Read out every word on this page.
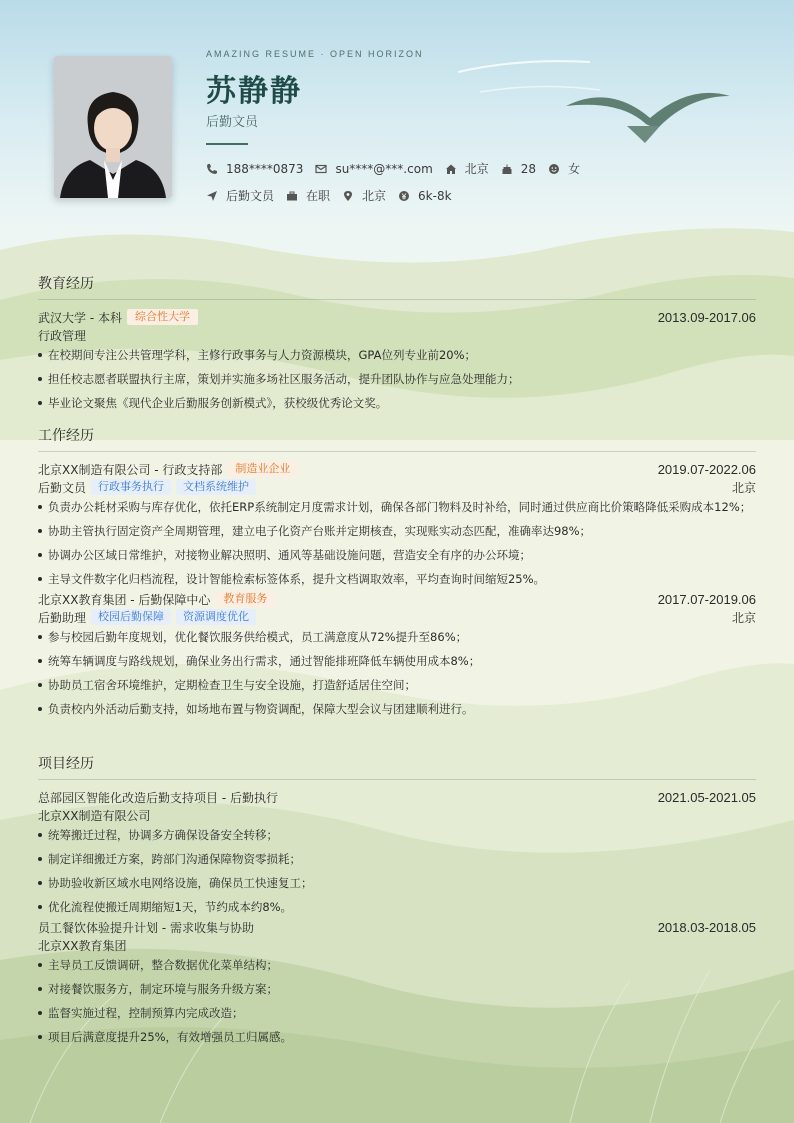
AMAZING RESUME · OPEN HORIZON
苏静静
后勤文员
188****0873	su****@***.com	北京	28	女
后勤文员	在职	北京	6k-8k
教育经历
武汉大学 - 本科	综合性大学	2013.09-2017.06
行政管理
在校期间专注公共管理学科，主修行政事务与人力资源模块，GPA位列专业前20%；
担任校志愿者联盟执行主席，策划并实施多场社区服务活动，提升团队协作与应急处理能力；
毕业论文聚焦《现代企业后勤服务创新模式》，获校级优秀论文奖。
工作经历
北京XX制造有限公司 - 行政支持部	制造业企业	2019.07-2022.06
后勤文员	行政事务执行	文档系统维护	北京
负责办公耗材采购与库存优化，依托ERP系统制定月度需求计划，确保各部门物料及时补给，同时通过供应商比价策略降低采购成本12%；
协助主管执行固定资产全周期管理，建立电子化资产台账并定期核查，实现账实动态匹配，准确率达98%；
协调办公区域日常维护，对接物业解决照明、通风等基础设施问题，营造安全有序的办公环境；
主导文件数字化归档流程，设计智能检索标签体系，提升文档调取效率，平均查询时间缩短25%。
北京XX教育集团 - 后勤保障中心	教育服务	2017.07-2019.06
后勤助理	校园后勤保障	资源调度优化	北京
参与校园后勤年度规划，优化餐饮服务供给模式，员工满意度从72%提升至86%；
统筹车辆调度与路线规划，确保业务出行需求，通过智能排班降低车辆使用成本8%；
协助员工宿舍环境维护，定期检查卫生与安全设施，打造舒适居住空间；
负责校内外活动后勤支持，如场地布置与物资调配，保障大型会议与团建顺利进行。
项目经历
总部园区智能化改造后勤支持项目 - 后勤执行	2021.05-2021.05
北京XX制造有限公司
统筹搬迁过程，协调多方确保设备安全转移；
制定详细搬迁方案，跨部门沟通保障物资零损耗；
协助验收新区域水电网络设施，确保员工快速复工；
优化流程使搬迁周期缩短1天，节约成本约8%。
员工餐饮体验提升计划 - 需求收集与协助	2018.03-2018.05
北京XX教育集团
主导员工反馈调研，整合数据优化菜单结构；
对接餐饮服务方，制定环境与服务升级方案；
监督实施过程，控制预算内完成改造；
项目后满意度提升25%，有效增强员工归属感。
